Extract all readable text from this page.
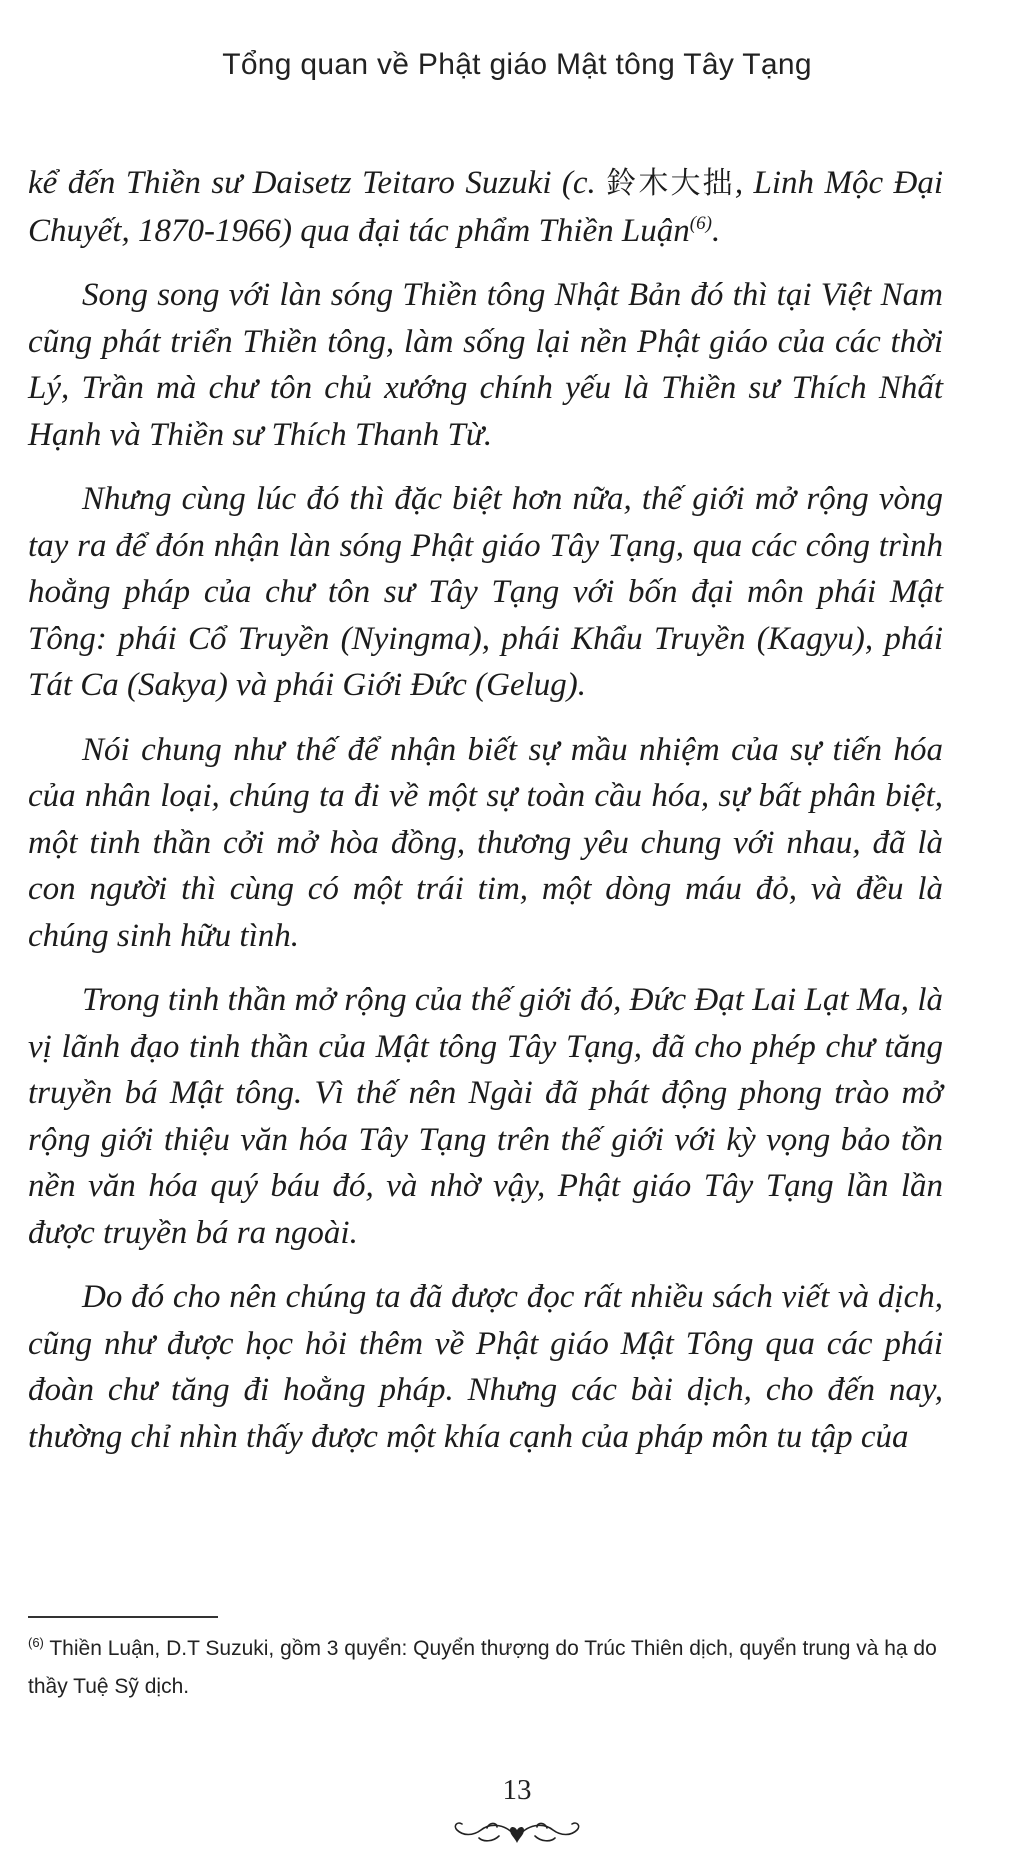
Tổng quan về Phật giáo Mật tông Tây Tạng

kể đến Thiền sư Daisetz Teitaro Suzuki (c. 鈴木大拙, Linh Mộc Đại Chuyết, 1870-1966) qua đại tác phẩm Thiền Luận$^{(6)}$.

Song song với làn sóng Thiền tông Nhật Bản đó thì tại Việt Nam cũng phát triển Thiền tông, làm sống lại nền Phật giáo của các thời Lý, Trần mà chư tôn chủ xướng chính yếu là Thiền sư Thích Nhất Hạnh và Thiền sư Thích Thanh Từ.

Nhưng cùng lúc đó thì đặc biệt hơn nữa, thế giới mở rộng vòng tay ra để đón nhận làn sóng Phật giáo Tây Tạng, qua các công trình hoằng pháp của chư tôn sư Tây Tạng với bốn đại môn phái Mật Tông: phái Cổ Truyền (Nyingma), phái Khẩu Truyền (Kagyu), phái Tát Ca (Sakya) và phái Giới Đức (Gelug).

Nói chung như thế để nhận biết sự mầu nhiệm của sự tiến hóa của nhân loại, chúng ta đi về một sự toàn cầu hóa, sự bất phân biệt, một tinh thần cởi mở hòa đồng, thương yêu chung với nhau, đã là con người thì cùng có một trái tim, một dòng máu đỏ, và đều là chúng sinh hữu tình.

Trong tinh thần mở rộng của thế giới đó, Đức Đạt Lai Lạt Ma, là vị lãnh đạo tinh thần của Mật tông Tây Tạng, đã cho phép chư tăng truyền bá Mật tông. Vì thế nên Ngài đã phát động phong trào mở rộng giới thiệu văn hóa Tây Tạng trên thế giới với kỳ vọng bảo tồn nền văn hóa quý báu đó, và nhờ vậy, Phật giáo Tây Tạng lần lần được truyền bá ra ngoài.

Do đó cho nên chúng ta đã được đọc rất nhiều sách viết và dịch, cũng như được học hỏi thêm về Phật giáo Mật Tông qua các phái đoàn chư tăng đi hoằng pháp. Nhưng các bài dịch, cho đến nay, thường chỉ nhìn thấy được một khía cạnh của pháp môn tu tập của

$^{(6)}$ Thiền Luận, D.T Suzuki, gồm 3 quyển: Quyển thượng do Trúc Thiên dịch, quyển trung và hạ do thầy Tuệ Sỹ dịch.
13
